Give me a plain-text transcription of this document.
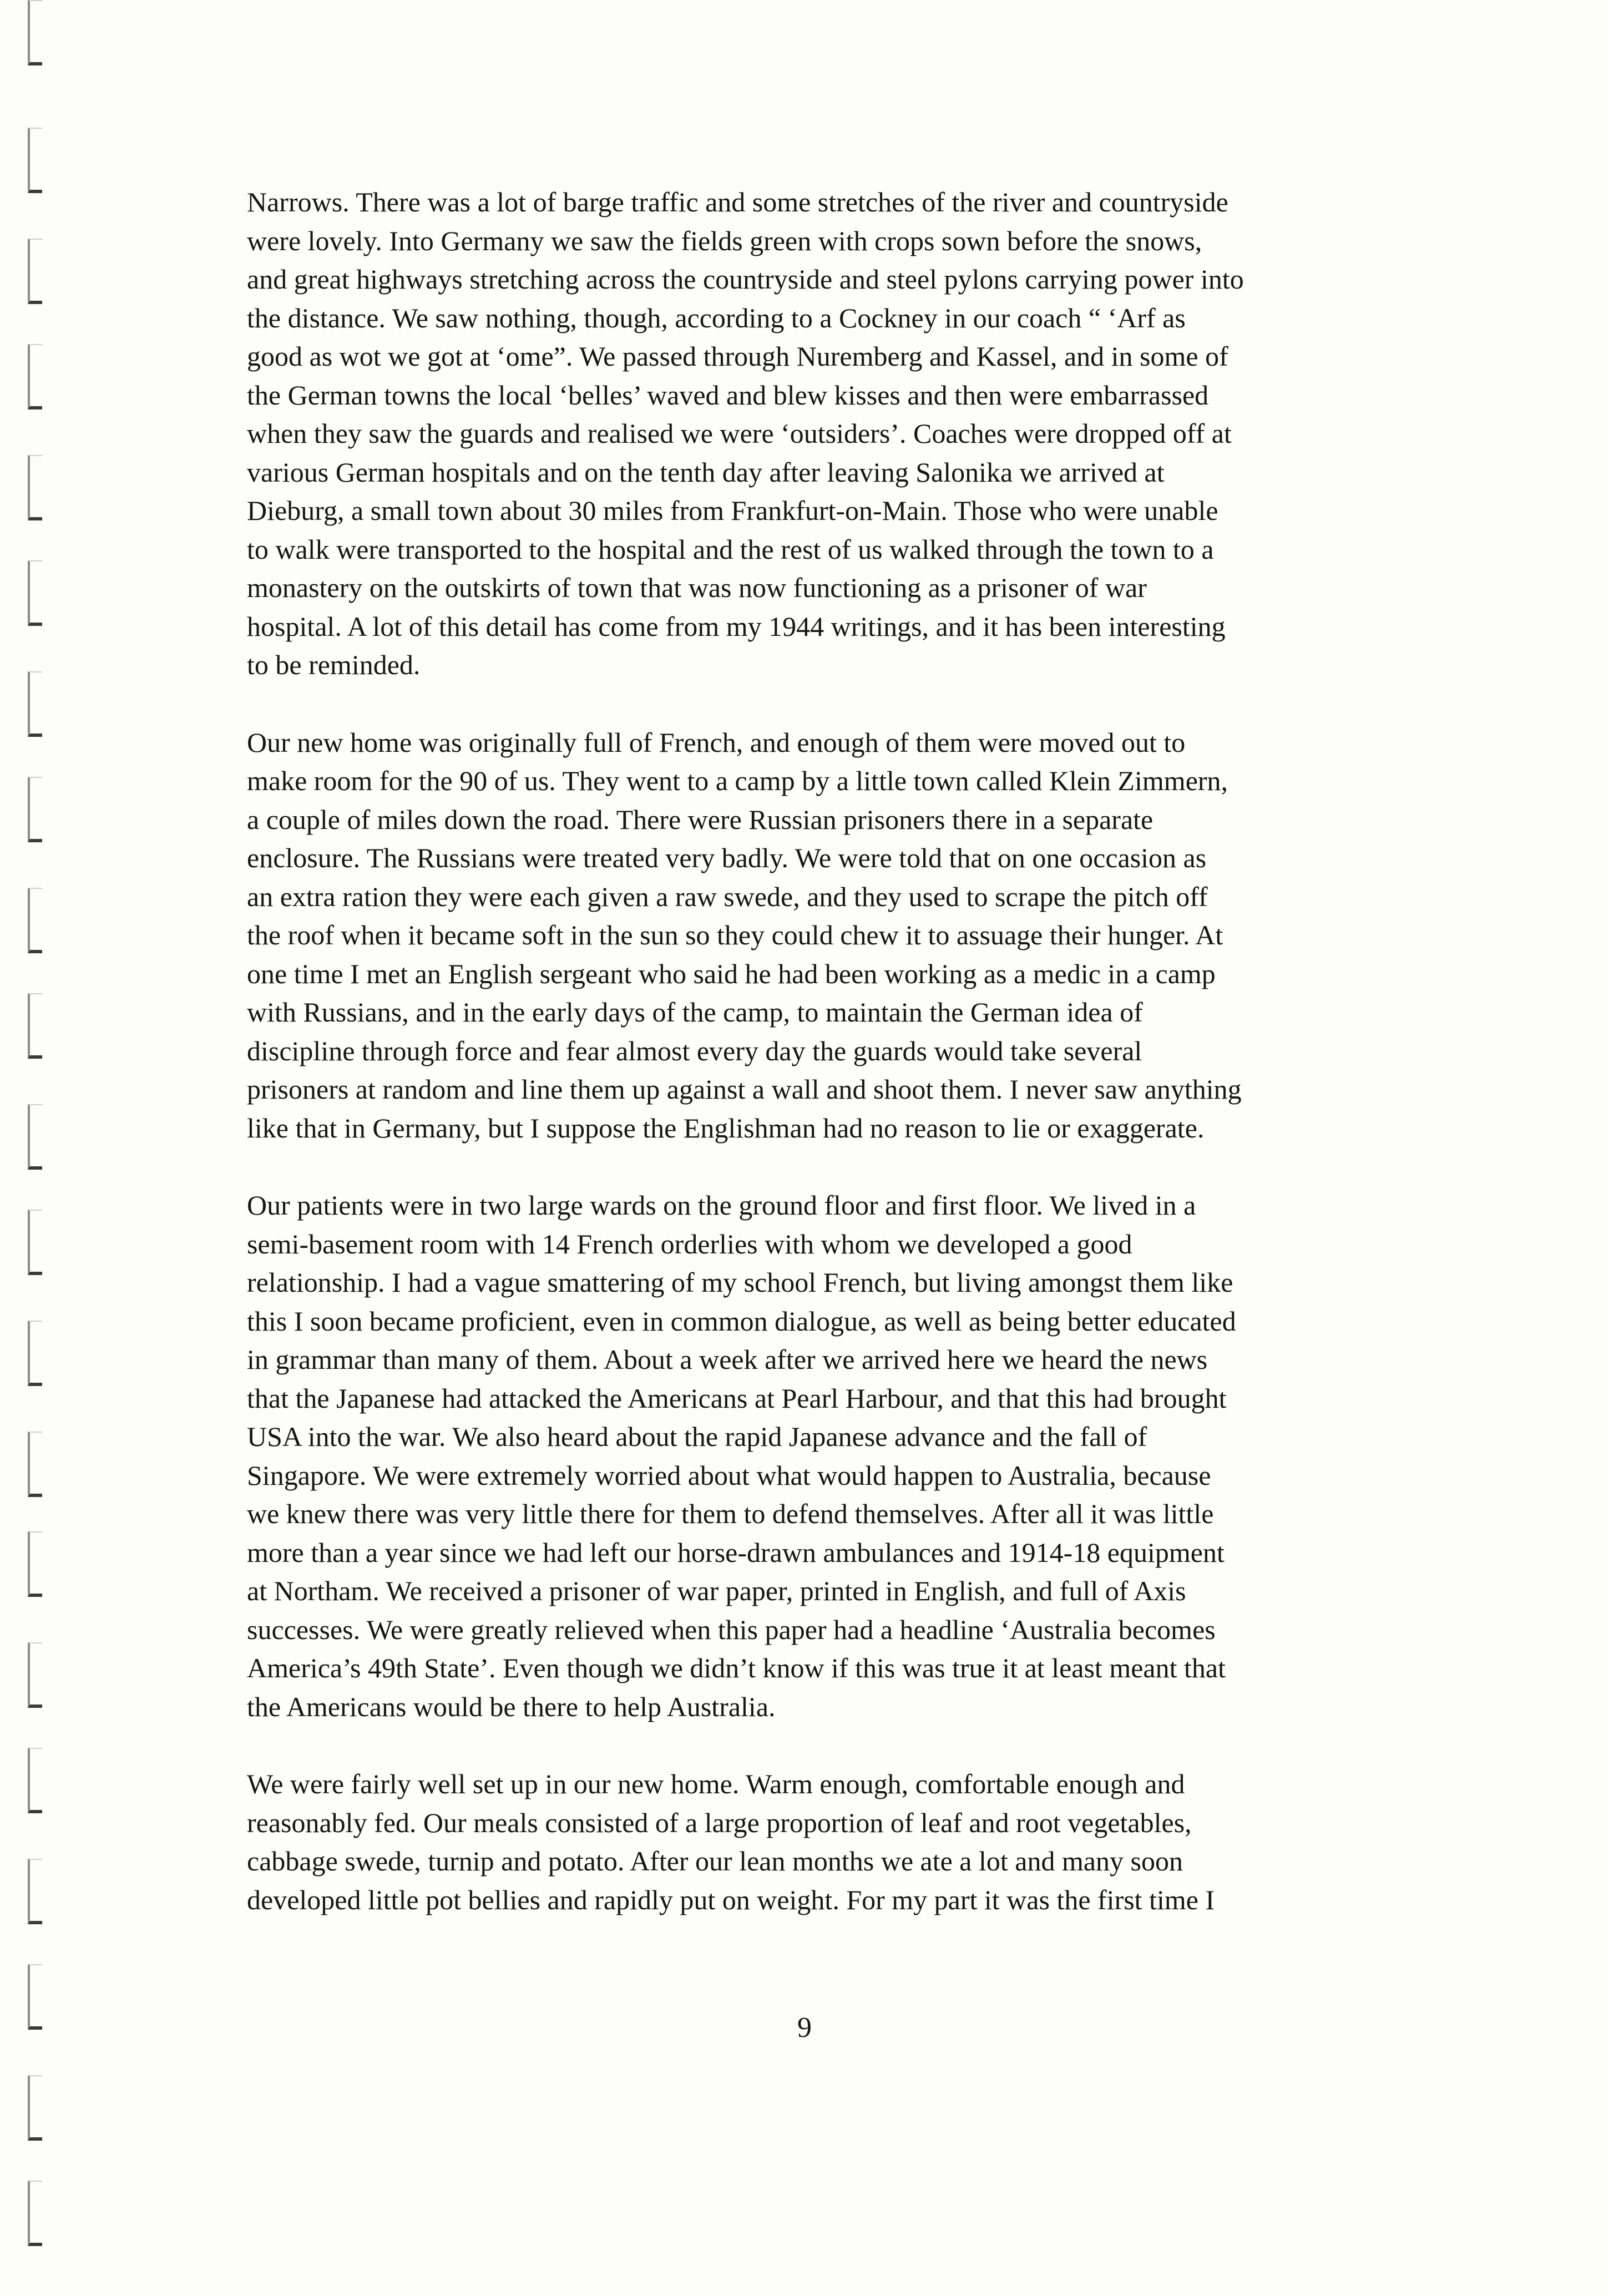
Narrows. There was a lot of barge traffic and some stretches of the river and countryside
were lovely. Into Germany we saw the fields green with crops sown before the snows,
and great highways stretching across the countryside and steel pylons carrying power into
the distance. We saw nothing, though, according to a Cockney in our coach “ ‘Arf as
good as wot we got at ‘ome”. We passed through Nuremberg and Kassel, and in some of
the German towns the local ‘belles’ waved and blew kisses and then were embarrassed
when they saw the guards and realised we were ‘outsiders’. Coaches were dropped off at
various German hospitals and on the tenth day after leaving Salonika we arrived at
Dieburg, a small town about 30 miles from Frankfurt-on-Main. Those who were unable
to walk were transported to the hospital and the rest of us walked through the town to a
monastery on the outskirts of town that was now functioning as a prisoner of war
hospital. A lot of this detail has come from my 1944 writings, and it has been interesting
to be reminded.
Our new home was originally full of French, and enough of them were moved out to
make room for the 90 of us. They went to a camp by a little town called Klein Zimmern,
a couple of miles down the road. There were Russian prisoners there in a separate
enclosure. The Russians were treated very badly. We were told that on one occasion as
an extra ration they were each given a raw swede, and they used to scrape the pitch off
the roof when it became soft in the sun so they could chew it to assuage their hunger. At
one time I met an English sergeant who said he had been working as a medic in a camp
with Russians, and in the early days of the camp, to maintain the German idea of
discipline through force and fear almost every day the guards would take several
prisoners at random and line them up against a wall and shoot them. I never saw anything
like that in Germany, but I suppose the Englishman had no reason to lie or exaggerate.
Our patients were in two large wards on the ground floor and first floor. We lived in a
semi-basement room with 14 French orderlies with whom we developed a good
relationship. I had a vague smattering of my school French, but living amongst them like
this I soon became proficient, even in common dialogue, as well as being better educated
in grammar than many of them. About a week after we arrived here we heard the news
that the Japanese had attacked the Americans at Pearl Harbour, and that this had brought
USA into the war. We also heard about the rapid Japanese advance and the fall of
Singapore. We were extremely worried about what would happen to Australia, because
we knew there was very little there for them to defend themselves. After all it was little
more than a year since we had left our horse-drawn ambulances and 1914-18 equipment
at Northam. We received a prisoner of war paper, printed in English, and full of Axis
successes. We were greatly relieved when this paper had a headline ‘Australia becomes
America’s 49th State’. Even though we didn’t know if this was true it at least meant that
the Americans would be there to help Australia.
We were fairly well set up in our new home. Warm enough, comfortable enough and
reasonably fed. Our meals consisted of a large proportion of leaf and root vegetables,
cabbage swede, turnip and potato. After our lean months we ate a lot and many soon
developed little pot bellies and rapidly put on weight. For my part it was the first time I
9
